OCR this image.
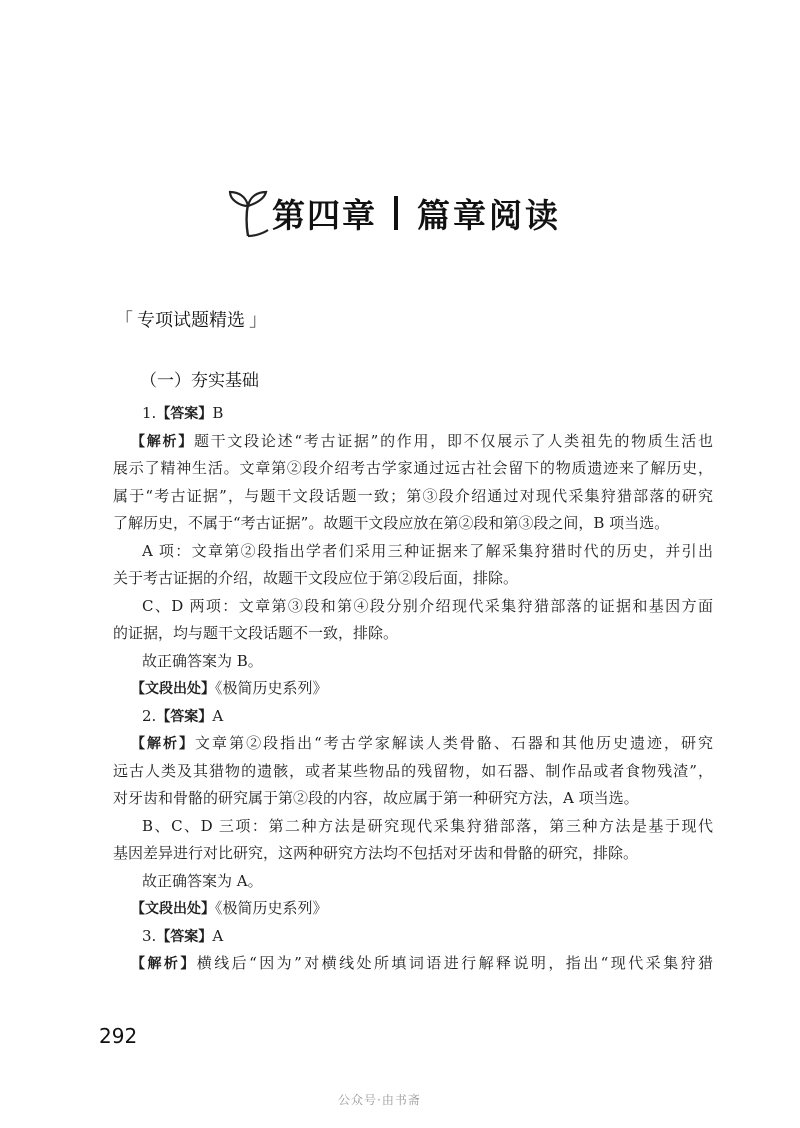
第四章 篇章阅读
「 专项试题精选 」
（一）夯实基础
1.【答案】B
【解析】题干文段论述“考古证据”的作用，即不仅展示了人类祖先的物质生活也
展示了精神生活。文章第②段介绍考古学家通过远古社会留下的物质遗迹来了解历史，
属于“考古证据”，与题干文段话题一致；第③段介绍通过对现代采集狩猎部落的研究
了解历史，不属于“考古证据”。故题干文段应放在第②段和第③段之间，B 项当选。
A 项：文章第②段指出学者们采用三种证据来了解采集狩猎时代的历史，并引出
关于考古证据的介绍，故题干文段应位于第②段后面，排除。
C、D 两项：文章第③段和第④段分别介绍现代采集狩猎部落的证据和基因方面
的证据，均与题干文段话题不一致，排除。
故正确答案为 B。
【文段出处】《极简历史系列》
2.【答案】A
【解析】文章第②段指出“考古学家解读人类骨骼、石器和其他历史遗迹，研究
远古人类及其猎物的遗骸，或者某些物品的残留物，如石器、制作品或者食物残渣”，
对牙齿和骨骼的研究属于第②段的内容，故应属于第一种研究方法，A 项当选。
B、C、D 三项：第二种方法是研究现代采集狩猎部落，第三种方法是基于现代
基因差异进行对比研究，这两种研究方法均不包括对牙齿和骨骼的研究，排除。
故正确答案为 A。
【文段出处】《极简历史系列》
3.【答案】A
【解析】横线后“因为”对横线处所填词语进行解释说明，指出“现代采集狩猎
292
公众号·由书斋
